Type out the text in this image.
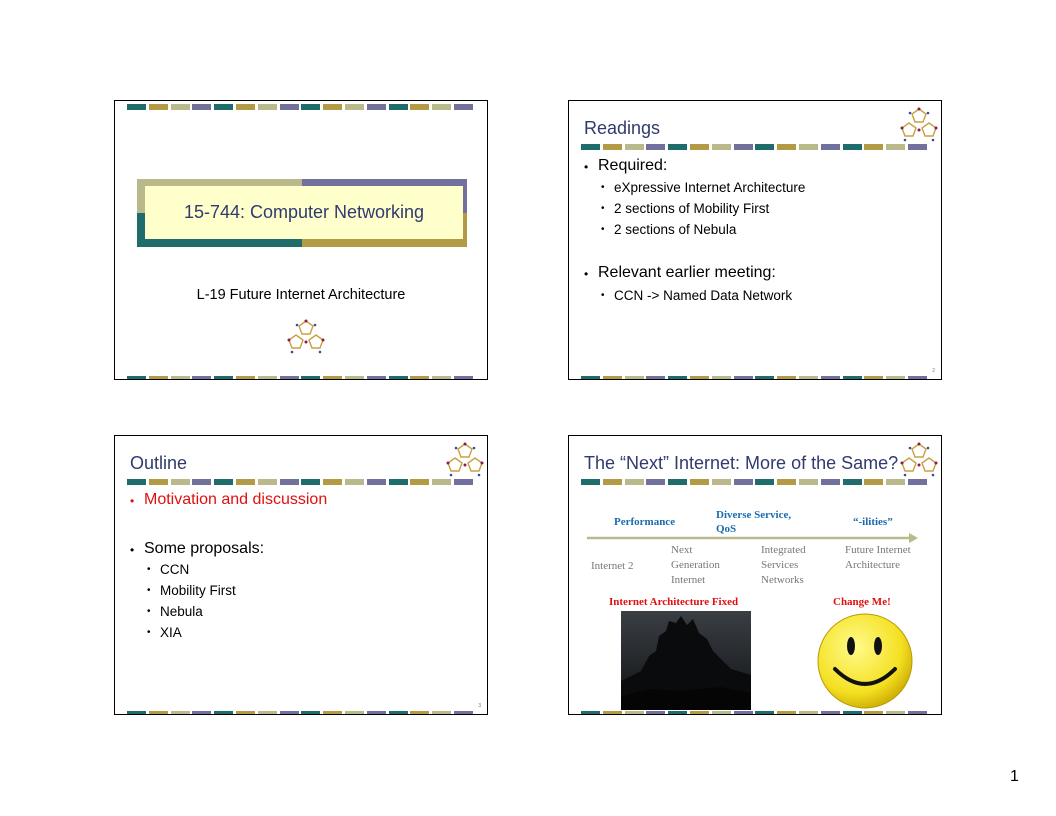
15-744: Computer Networking
L-19 Future Internet Architecture
Readings
• Required:
• eXpressive Internet Architecture
• 2 sections of Mobility First
• 2 sections of Nebula
• Relevant earlier meeting:
• CCN -> Named Data Network
2
Outline
• Motivation and discussion
• Some proposals:
• CCN
• Mobility First
• Nebula
• XIA
3
The “Next” Internet: More of the Same?
Performance
Diverse Service, QoS
“-ilities”
Internet 2
Next Generation Internet
Integrated Services Networks
Future Internet Architecture
Internet Architecture Fixed	Change Me!
1
